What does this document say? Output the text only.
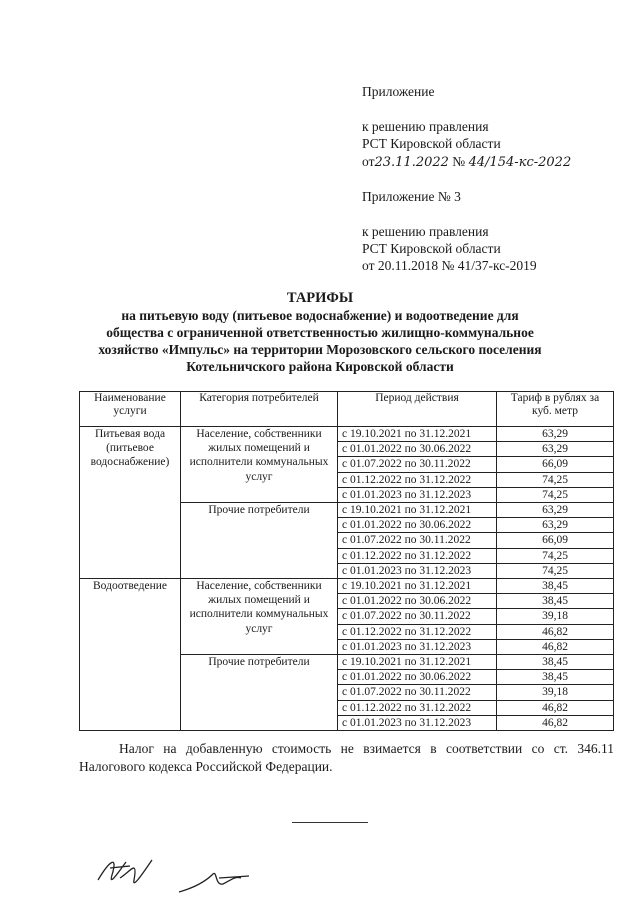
Приложение
к решению правления
РСТ Кировской области
от23.11.2022 № 44/154-кс-2022
Приложение № 3
к решению правления
РСТ Кировской области
от 20.11.2018 № 41/37-кс-2019
ТАРИФЫ
на питьевую воду (питьевое водоснабжение) и водоотведение для
общества с ограниченной ответственностью жилищно-коммунальное
хозяйство «Импульс» на территории Морозовского сельского поселения
Котельничского района Кировской области
Наименование услуги	Категория потребителей	Период действия	Тариф в рублях за куб. метр
Питьевая вода (питьевое водоснабжение)	Население, собственники жилых помещений и исполнители коммунальных услуг	с 19.10.2021 по 31.12.2021	63,29
		с 01.01.2022 по 30.06.2022	63,29
		с 01.07.2022 по 30.11.2022	66,09
		с 01.12.2022 по 31.12.2022	74,25
		с 01.01.2023 по 31.12.2023	74,25
	Прочие потребители	с 19.10.2021 по 31.12.2021	63,29
		с 01.01.2022 по 30.06.2022	63,29
		с 01.07.2022 по 30.11.2022	66,09
		с 01.12.2022 по 31.12.2022	74,25
		с 01.01.2023 по 31.12.2023	74,25
Водоотведение	Население, собственники жилых помещений и исполнители коммунальных услуг	с 19.10.2021 по 31.12.2021	38,45
		с 01.01.2022 по 30.06.2022	38,45
		с 01.07.2022 по 30.11.2022	39,18
		с 01.12.2022 по 31.12.2022	46,82
		с 01.01.2023 по 31.12.2023	46,82
	Прочие потребители	с 19.10.2021 по 31.12.2021	38,45
		с 01.01.2022 по 30.06.2022	38,45
		с 01.07.2022 по 30.11.2022	39,18
		с 01.12.2022 по 31.12.2022	46,82
		с 01.01.2023 по 31.12.2023	46,82
Налог на добавленную стоимость не взимается в соответствии со ст. 346.11 Налогового кодекса Российской Федерации.
